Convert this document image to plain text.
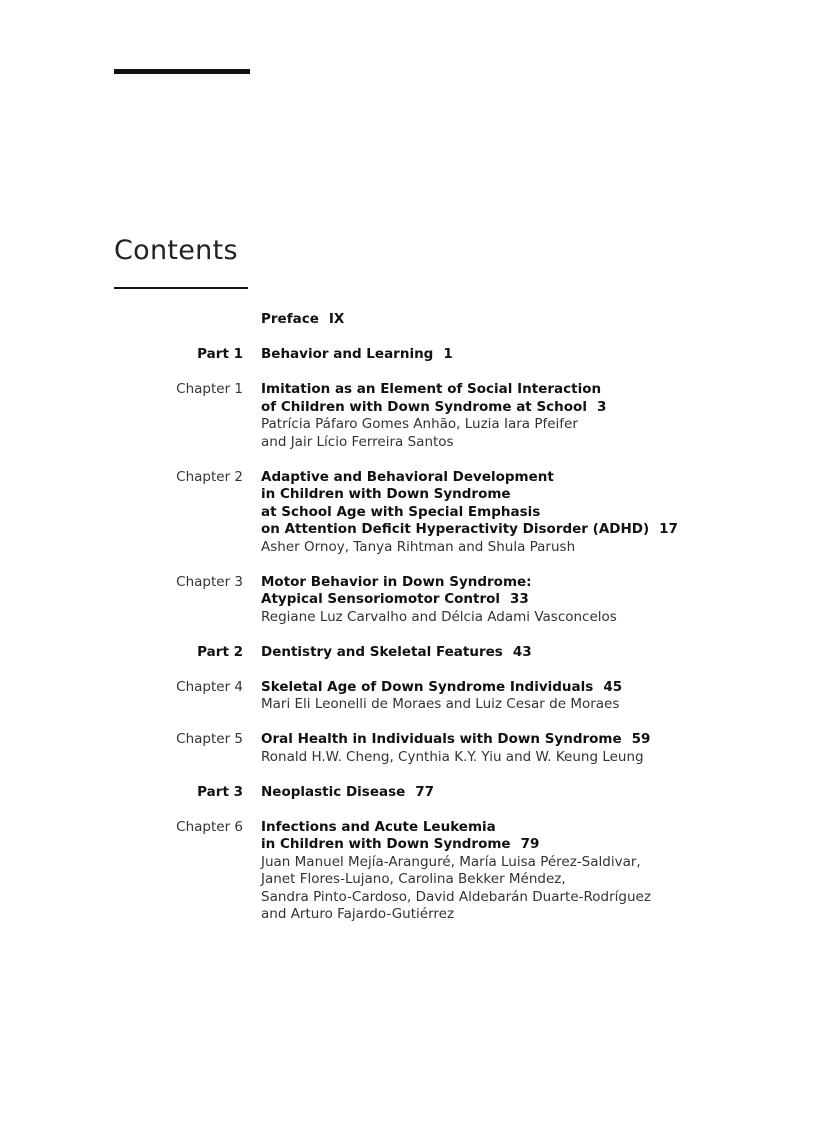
Contents
Preface IX
Part 1 Behavior and Learning 1
Chapter 1 Imitation as an Element of Social Interaction
of Children with Down Syndrome at School 3
Patrícia Páfaro Gomes Anhão, Luzia Iara Pfeifer
and Jair Lício Ferreira Santos
Chapter 2 Adaptive and Behavioral Development
in Children with Down Syndrome
at School Age with Special Emphasis
on Attention Deficit Hyperactivity Disorder (ADHD) 17
Asher Ornoy, Tanya Rihtman and Shula Parush
Chapter 3 Motor Behavior in Down Syndrome:
Atypical Sensoriomotor Control 33
Regiane Luz Carvalho and Délcia Adami Vasconcelos
Part 2 Dentistry and Skeletal Features 43
Chapter 4 Skeletal Age of Down Syndrome Individuals 45
Mari Eli Leonelli de Moraes and Luiz Cesar de Moraes
Chapter 5 Oral Health in Individuals with Down Syndrome 59
Ronald H.W. Cheng, Cynthia K.Y. Yiu and W. Keung Leung
Part 3 Neoplastic Disease 77
Chapter 6 Infections and Acute Leukemia
in Children with Down Syndrome 79
Juan Manuel Mejía-Aranguré, María Luisa Pérez-Saldivar,
Janet Flores-Lujano, Carolina Bekker Méndez,
Sandra Pinto-Cardoso, David Aldebarán Duarte-Rodríguez
and Arturo Fajardo-Gutiérrez
